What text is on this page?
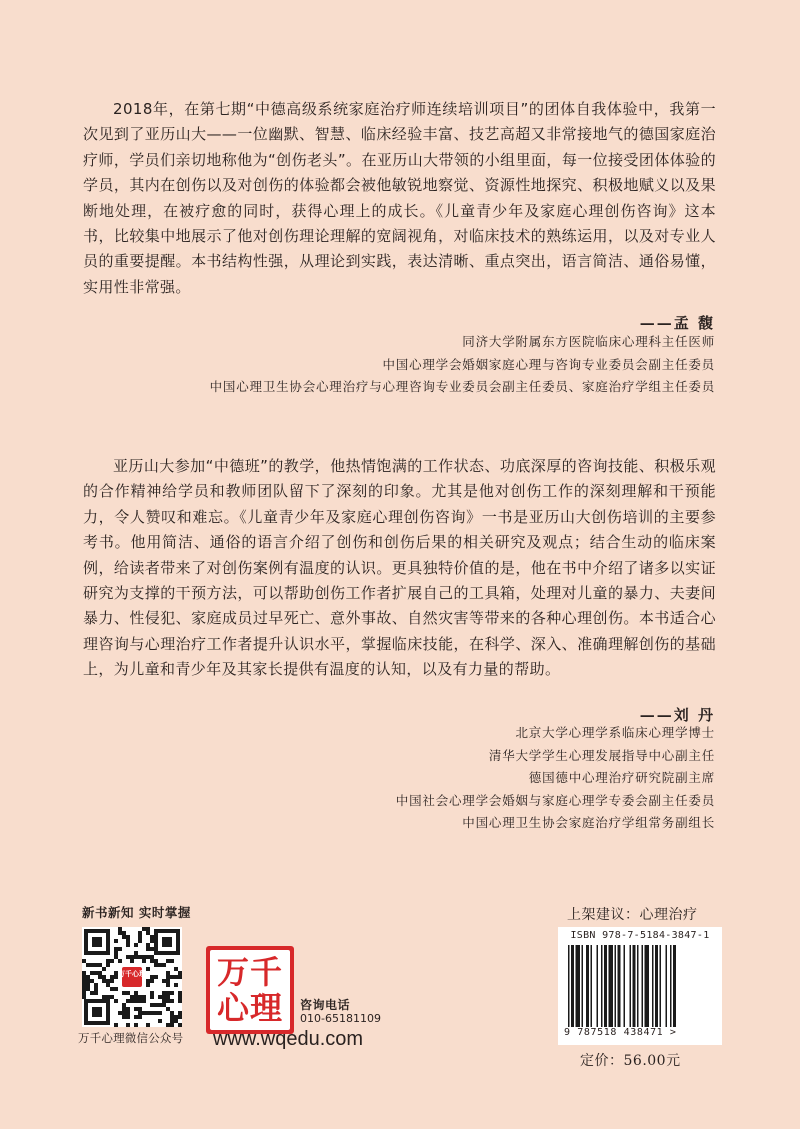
2018年，在第七期“中德高级系统家庭治疗师连续培训项目”的团体自我体验中，我第一次见到了亚历山大——一位幽默、智慧、临床经验丰富、技艺高超又非常接地气的德国家庭治疗师，学员们亲切地称他为“创伤老头”。在亚历山大带领的小组里面，每一位接受团体体验的学员，其内在创伤以及对创伤的体验都会被他敏锐地察觉、资源性地探究、积极地赋义以及果断地处理，在被疗愈的同时，获得心理上的成长。《儿童青少年及家庭心理创伤咨询》这本书，比较集中地展示了他对创伤理论理解的宽阔视角，对临床技术的熟练运用，以及对专业人员的重要提醒。本书结构性强，从理论到实践，表达清晰、重点突出，语言简洁、通俗易懂，实用性非常强。

——孟 馥
同济大学附属东方医院临床心理科主任医师
中国心理学会婚姻家庭心理与咨询专业委员会副主任委员
中国心理卫生协会心理治疗与心理咨询专业委员会副主任委员、家庭治疗学组主任委员

亚历山大参加“中德班”的教学，他热情饱满的工作状态、功底深厚的咨询技能、积极乐观的合作精神给学员和教师团队留下了深刻的印象。尤其是他对创伤工作的深刻理解和干预能力，令人赞叹和难忘。《儿童青少年及家庭心理创伤咨询》一书是亚历山大创伤培训的主要参考书。他用简洁、通俗的语言介绍了创伤和创伤后果的相关研究及观点；结合生动的临床案例，给读者带来了对创伤案例有温度的认识。更具独特价值的是，他在书中介绍了诸多以实证研究为支撑的干预方法，可以帮助创伤工作者扩展自己的工具箱，处理对儿童的暴力、夫妻间暴力、性侵犯、家庭成员过早死亡、意外事故、自然灾害等带来的各种心理创伤。本书适合心理咨询与心理治疗工作者提升认识水平，掌握临床技能，在科学、深入、准确理解创伤的基础上，为儿童和青少年及其家长提供有温度的认知，以及有力量的帮助。

——刘 丹
北京大学心理学系临床心理学博士
清华大学学生心理发展指导中心副主任
德国德中心理治疗研究院副主席
中国社会心理学会婚姻与家庭心理学专委会副主任委员
中国心理卫生协会家庭治疗学组常务副组长
新书新知 实时掌握
万千心理
万千心理微信公众号
万千
心理	咨询电话
010-65181109
www.wqedu.com
上架建议：心理治疗
ISBN 978-7-5184-3847-1
9 787518 438471 >
定价：56.00元
